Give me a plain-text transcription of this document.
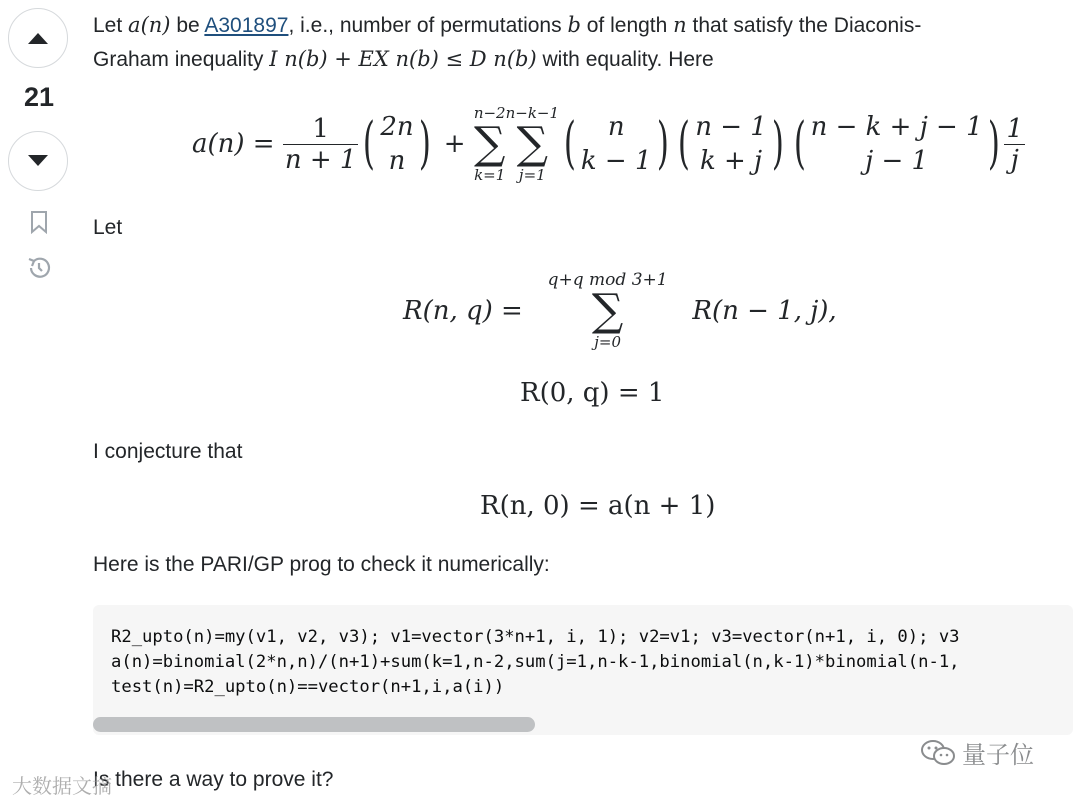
21
Let a(n) be A301897, i.e., number of permutations b of length n that satisfy the Diaconis-
Graham inequality I n(b) + EX n(b) ≤ D n(b) with equality. Here
a(n) =
$\frac{1}{n + 1}$ ( 2n
n )
+

n−2
∑
k=1
n−k−1
∑
j=1 (	n
k − 1 ) ( n − 1
k + j ) ( n − k + j − 1
j − 1	) $\frac{1}{j}$
Let
R(n, q) =

q+q mod 3+1
∑
j=0

R(n − 1, j),
R(0, q) = 1
I conjecture that
R(n, 0) = a(n + 1)
Here is the PARI/GP prog to check it numerically:
R2_upto(n)=my(v1, v2, v3); v1=vector(3*n+1, i, 1); v2=v1; v3=vector(n+1, i, 0); v3
a(n)=binomial(2*n,n)/(n+1)+sum(k=1,n-2,sum(j=1,n-k-1,binomial(n,k-1)*binomial(n-1,
test(n)=R2_upto(n)==vector(n+1,i,a(i))
Is there a way to prove it?
量子位
大数据文摘
